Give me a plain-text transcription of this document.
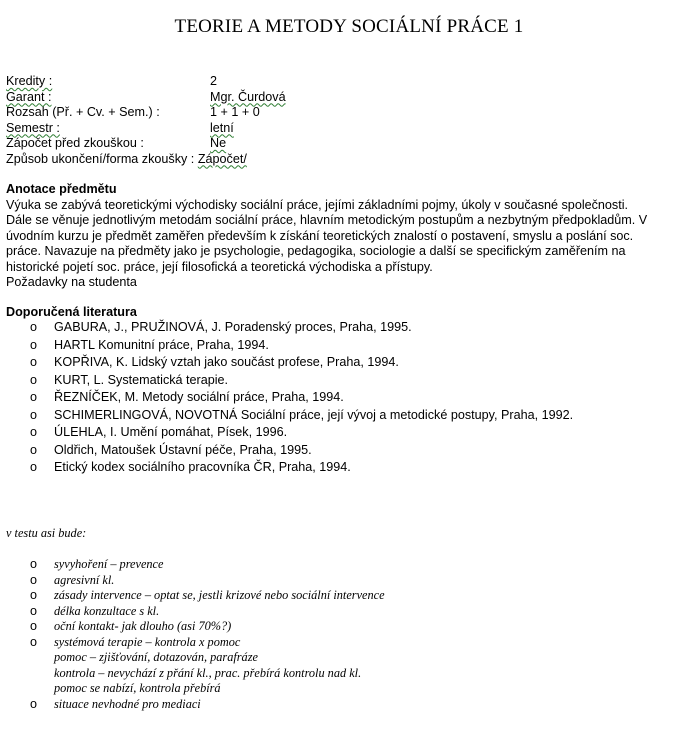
TEORIE A METODY SOCIÁLNÍ PRÁCE 1
Kredity :	2
Garant :	Mgr. Čurdová
Rozsah (Př. + Cv. + Sem.) :	1 + 1 + 0
Semestr :	letní
Zápočet před zkouškou :	Ne
Způsob ukončení/forma zkoušky : Zápočet/
Anotace předmětu
Výuka se zabývá teoretickými východisky sociální práce, jejími základními pojmy, úkoly v současné společnosti.
Dále se věnuje jednotlivým metodám sociální práce, hlavním metodickým postupům a nezbytným předpokladům. V
úvodním kurzu je předmět zaměřen především k získání teoretických znalostí o postavení, smyslu a poslání soc.
práce. Navazuje na předměty jako je psychologie, pedagogika, sociologie a další se specifickým zaměřením na
historické pojetí soc. práce, její filosofická a teoretická východiska a přístupy.
Požadavky na studenta
Doporučená literatura
o GABURA, J., PRUŽINOVÁ, J. Poradenský proces, Praha, 1995.
o HARTL Komunitní práce, Praha, 1994.
o KOPŘIVA, K. Lidský vztah jako součást profese, Praha, 1994.
o KURT, L. Systematická terapie.
o ŘEZNÍČEK, M. Metody sociální práce, Praha, 1994.
o SCHIMERLINGOVÁ, NOVOTNÁ Sociální práce, její vývoj a metodické postupy, Praha, 1992.
o ÚLEHLA, I. Umění pomáhat, Písek, 1996.
o Oldřich, Matoušek Ústavní péče, Praha, 1995.
o Etický kodex sociálního pracovníka ČR, Praha, 1994.
v testu asi bude:
o syvyhoření – prevence
o agresivní kl.
o zásady intervence – optat se, jestli krizové nebo sociální intervence
o délka konzultace s kl.
o oční kontakt- jak dlouho (asi 70%?)
o systémová terapie – kontrola x pomoc
pomoc – zjišťování, dotazován, parafráze
kontrola – nevychází z přání kl., prac. přebírá kontrolu nad kl.
pomoc se nabízí, kontrola přebírá
o situace nevhodné pro mediaci
